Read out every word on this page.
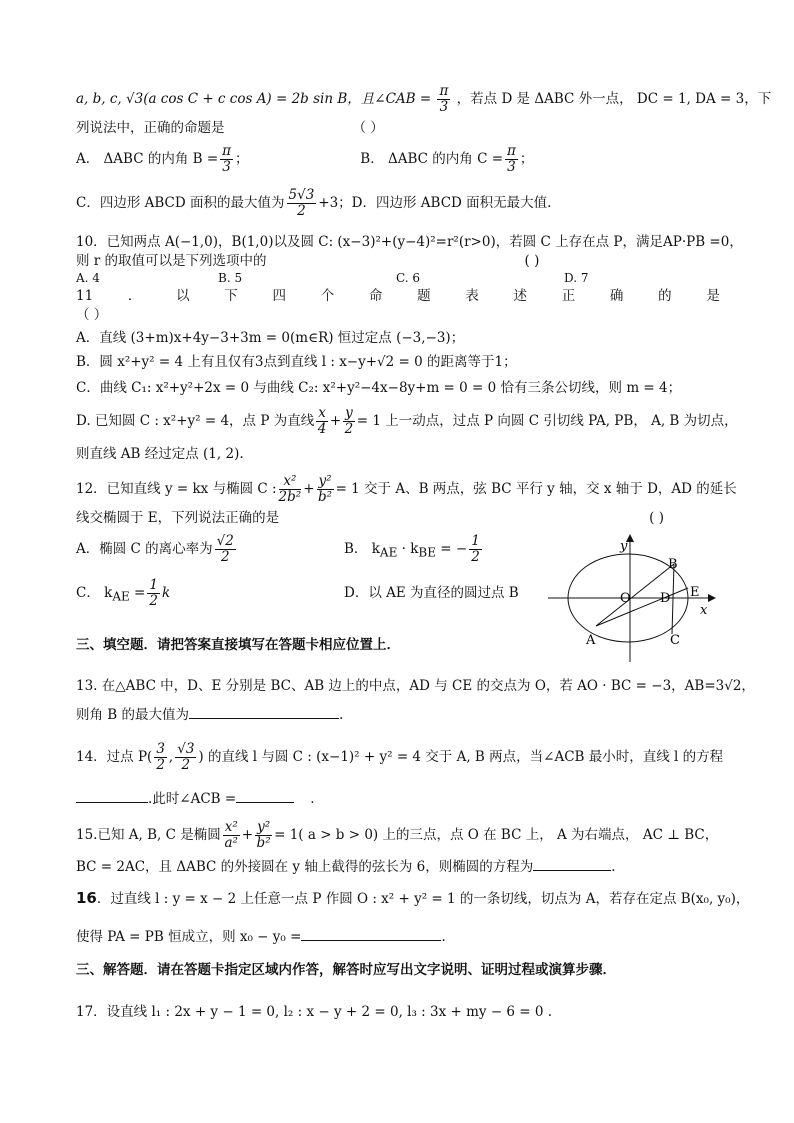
a, b, c, √3(a cos C + c cos A) = 2b sin B，且∠CAB = $\frac{\pi}{3}$ ，若点 D 是 ΔABC 外一点， DC = 1, DA = 3，下
列说法中，正确的命题是	（ ）
A． ΔABC 的内角 $B = \frac{\pi}{3}$ ；	B． ΔABC 的内角 $C = \frac{\pi}{3}$ ；
C．四边形 ABCD 面积的最大值为 $\frac{5√3}{2} +3$；D．四边形 ABCD 面积无最大值.
10．已知两点 A(−1,0)，B(1,0)以及圆 C: (x−3)²+(y−4)²=r²(r>0)，若圆 C 上存在点 P，满足AP·PB =0，
则 r 的取值可以是下列选项中的	( )
A. 4	B. 5	C. 6	D. 7
11	．	以	下	四	个	命	题	表	述	正	确	的	是
（ ）
A．直线 (3+m)x+4y−3+3m = 0(m∈R) 恒过定点 (−3,−3)；
B．圆 x²+y² = 4 上有且仅有3点到直线 l : x−y+√2 = 0 的距离等于1；
C．曲线 C₁: x²+y²+2x = 0 与曲线 C₂: x²+y²−4x−8y+m = 0 = 0 恰有三条公切线，则 m = 4；
D. 已知圆 C : x²+y² = 4，点 P 为直线 $\frac{x}{4} + \frac{y}{2} = 1$ 上一动点，过点 P 向圆 C 引切线 PA, PB， A, B 为切点，
则直线 AB 经过定点 (1, 2).
12．已知直线 y = kx 与椭圆 C : $\frac{\text{x²}}{\text{2b²}} + \frac{\text{y²}}{\text{b²}} = 1$ 交于 A、B 两点，弦 BC 平行 y 轴，交 x 轴于 D，AD 的延长
线交椭圆于 E，下列说法正确的是	( )
A．椭圆 C 的离心率为 $\frac{√2}{2}$	B． $k_{AE} \cdot k_{BE}$ = − $\frac{1}{2}$
C． $k_{AE} = \frac{1}{2}$ k	D．以 AE 为直径的圆过点 B
y
x
O
A
B
C
D E
三、填空题．请把答案直接填写在答题卡相应位置上．
13. 在△ABC 中，D、E 分别是 BC、AB 边上的中点，AD 与 CE 的交点为 O，若 AO · BC = −3，AB=3√2，
则角 B 的最大值为	.
14．过点 $P( \frac{3}{2}$ , $\frac{√3}{2}$ ) 的直线 l 与圆 C : (x−1)² + y² = 4 交于 A, B 两点，当∠ACB 最小时，直线 l 的方程
.此时∠ACB =	.
15.已知 A, B, C 是椭圆 $\frac{\text{x²}}{\text{a²}} + \frac{\text{y²}}{\text{b²}} = 1$( a > b > 0) 上的三点，点 O 在 BC 上， A 为右端点， AC ⊥ BC，
BC = 2AC，且 ΔABC 的外接圆在 y 轴上截得的弦长为 6，则椭圆的方程为	.
16．过直线 l : y = x − 2 上任意一点 P 作圆 O : x² + y² = 1 的一条切线，切点为 A，若存在定点 B(x₀, y₀)，
使得 PA = PB 恒成立，则 x₀ − y₀ =	.
三、解答题．请在答题卡指定区域内作答，解答时应写出文字说明、证明过程或演算步骤．
17．设直线 l₁ : 2x + y − 1 = 0, l₂ : x − y + 2 = 0, l₃ : 3x + my − 6 = 0 .
